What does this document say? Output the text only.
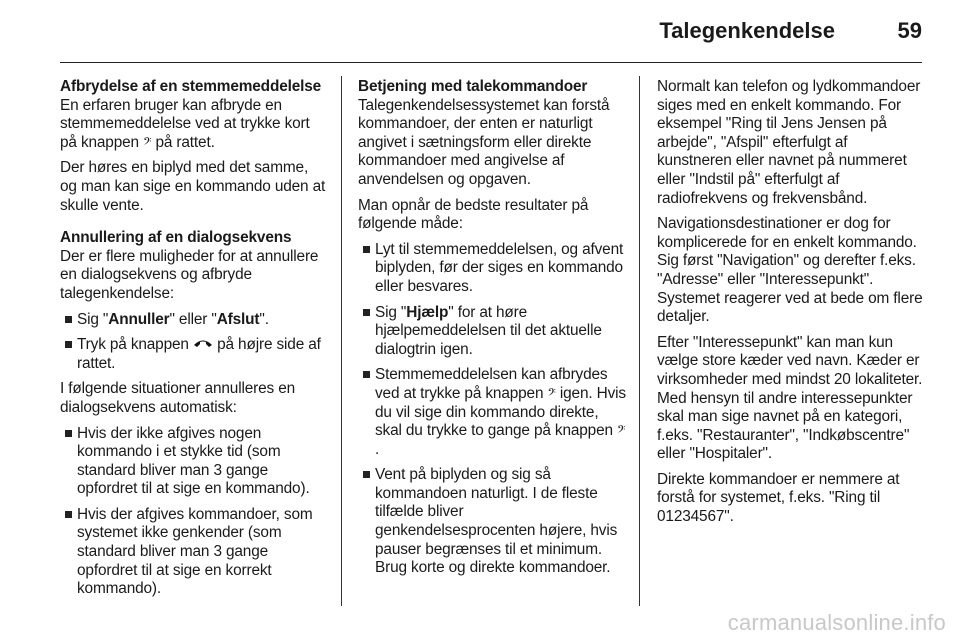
Talegenkendelse	59
Afbrydelse af en stemmemeddelelse

En erfaren bruger kan afbryde en stemmemeddelelse ved at trykke kort på knappen 𝄢 på rattet.

Der høres en biplyd med det samme, og man kan sige en kommando uden at skulle vente.

Annullering af en dialogsekvens

Der er flere muligheder for at annullere en dialogsekvens og afbryde talegenkendelse:

Sig "Annuller" eller "Afslut".
Tryk på knappen på højre side af rattet.

I følgende situationer annulleres en dialogsekvens automatisk:

Hvis der ikke afgives nogen kommando i et stykke tid (som standard bliver man 3 gange opfordret til at sige en kommando).
Hvis der afgives kommandoer, som systemet ikke genkender (som standard bliver man 3 gange opfordret til at sige en korrekt kommando).
Betjening med talekommandoer

Talegenkendelsessystemet kan forstå kommandoer, der enten er naturligt angivet i sætningsform eller direkte kommandoer med angivelse af anvendelsen og opgaven.

Man opnår de bedste resultater på følgende måde:

Lyt til stemmemeddelelsen, og afvent biplyden, før der siges en kommando eller besvares.
Sig "Hjælp" for at høre hjælpemeddelelsen til det aktuelle dialogtrin igen.
Stemmemeddelelsen kan afbrydes ved at trykke på knappen 𝄢 igen. Hvis du vil sige din kommando direkte, skal du trykke to gange på knappen 𝄢.
Vent på biplyden og sig så kommandoen naturligt. I de fleste tilfælde bliver genkendelsesprocenten højere, hvis pauser begrænses til et minimum. Brug korte og direkte kommandoer.

Normalt kan telefon og lydkommandoer siges med en enkelt kommando. For eksempel "Ring til Jens Jensen på arbejde", "Afspil" efterfulgt af kunstneren eller navnet på nummeret eller "Indstil på" efterfulgt af radiofrekvens og frekvensbånd.

Navigationsdestinationer er dog for komplicerede for en enkelt kommando. Sig først "Navigation" og derefter f.eks. "Adresse" eller "Interessepunkt". Systemet reagerer ved at bede om flere detaljer.

Efter "Interessepunkt" kan man kun vælge store kæder ved navn. Kæder er virksomheder med mindst 20 lokaliteter. Med hensyn til andre interessepunkter skal man sige navnet på en kategori, f.eks. "Restauranter", "Indkøbscentre" eller "Hospitaler".

Direkte kommandoer er nemmere at forstå for systemet, f.eks. "Ring til 01234567".

carmanualsonline.info
